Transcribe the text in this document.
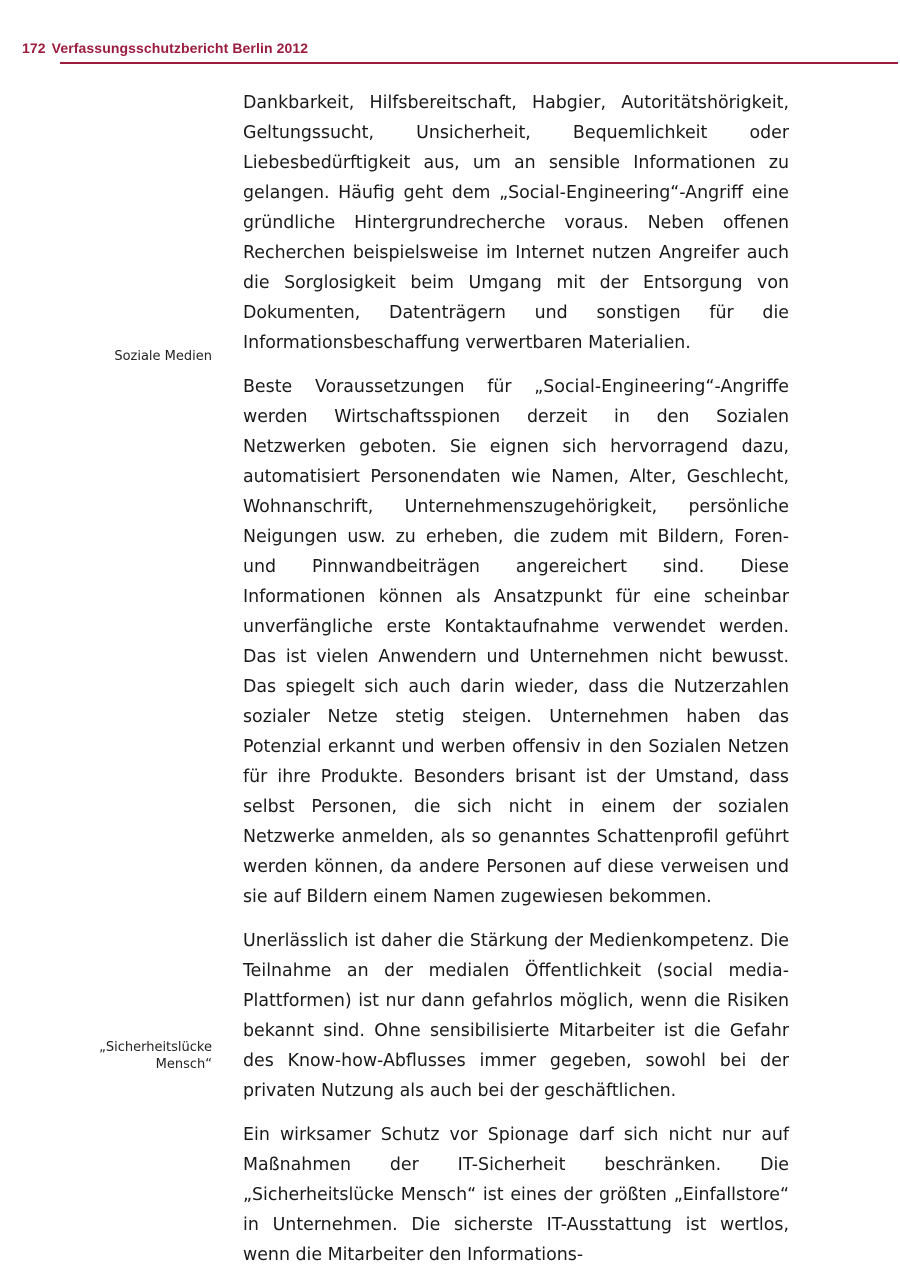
172 Verfassungsschutzbericht Berlin 2012
Soziale Medien
„Sicherheitslücke Mensch“

Dankbarkeit, Hilfsbereitschaft, Habgier, Autoritätshörigkeit, Geltungssucht, Unsicherheit, Bequemlichkeit oder Liebesbedürftigkeit aus, um an sensible Informationen zu gelangen. Häufig geht dem „Social-Engineering“-Angriff eine gründliche Hintergrundrecherche voraus. Neben offenen Recherchen beispielsweise im Internet nutzen Angreifer auch die Sorglosigkeit beim Umgang mit der Entsorgung von Dokumenten, Datenträgern und sonstigen für die Informationsbeschaffung verwertbaren Materialien.

Beste Voraussetzungen für „Social-Engineering“-Angriffe werden Wirtschaftsspionen derzeit in den Sozialen Netzwerken geboten. Sie eignen sich hervorragend dazu, automatisiert Personendaten wie Namen, Alter, Geschlecht, Wohnanschrift, Unternehmenszugehörigkeit, persönliche Neigungen usw. zu erheben, die zudem mit Bildern, Foren- und Pinnwandbeiträgen angereichert sind. Diese Informationen können als Ansatzpunkt für eine scheinbar unverfängliche erste Kontaktaufnahme verwendet werden. Das ist vielen Anwendern und Unternehmen nicht bewusst. Das spiegelt sich auch darin wieder, dass die Nutzerzahlen sozialer Netze stetig steigen. Unternehmen haben das Potenzial erkannt und werben offensiv in den Sozialen Netzen für ihre Produkte. Besonders brisant ist der Umstand, dass selbst Personen, die sich nicht in einem der sozialen Netzwerke anmelden, als so genanntes Schattenprofil geführt werden können, da andere Personen auf diese verweisen und sie auf Bildern einem Namen zugewiesen bekommen.

Unerlässlich ist daher die Stärkung der Medienkompetenz. Die Teilnahme an der medialen Öffentlichkeit (social media-Plattformen) ist nur dann gefahrlos möglich, wenn die Risiken bekannt sind. Ohne sensibilisierte Mitarbeiter ist die Gefahr des Know-how-Abflusses immer gegeben, sowohl bei der privaten Nutzung als auch bei der geschäftlichen.

Ein wirksamer Schutz vor Spionage darf sich nicht nur auf Maßnahmen der IT-Sicherheit beschränken. Die „Sicherheitslücke Mensch“ ist eines der größten „Einfallstore“ in Unternehmen. Die sicherste IT-Ausstattung ist wertlos, wenn die Mitarbeiter den Informations-
